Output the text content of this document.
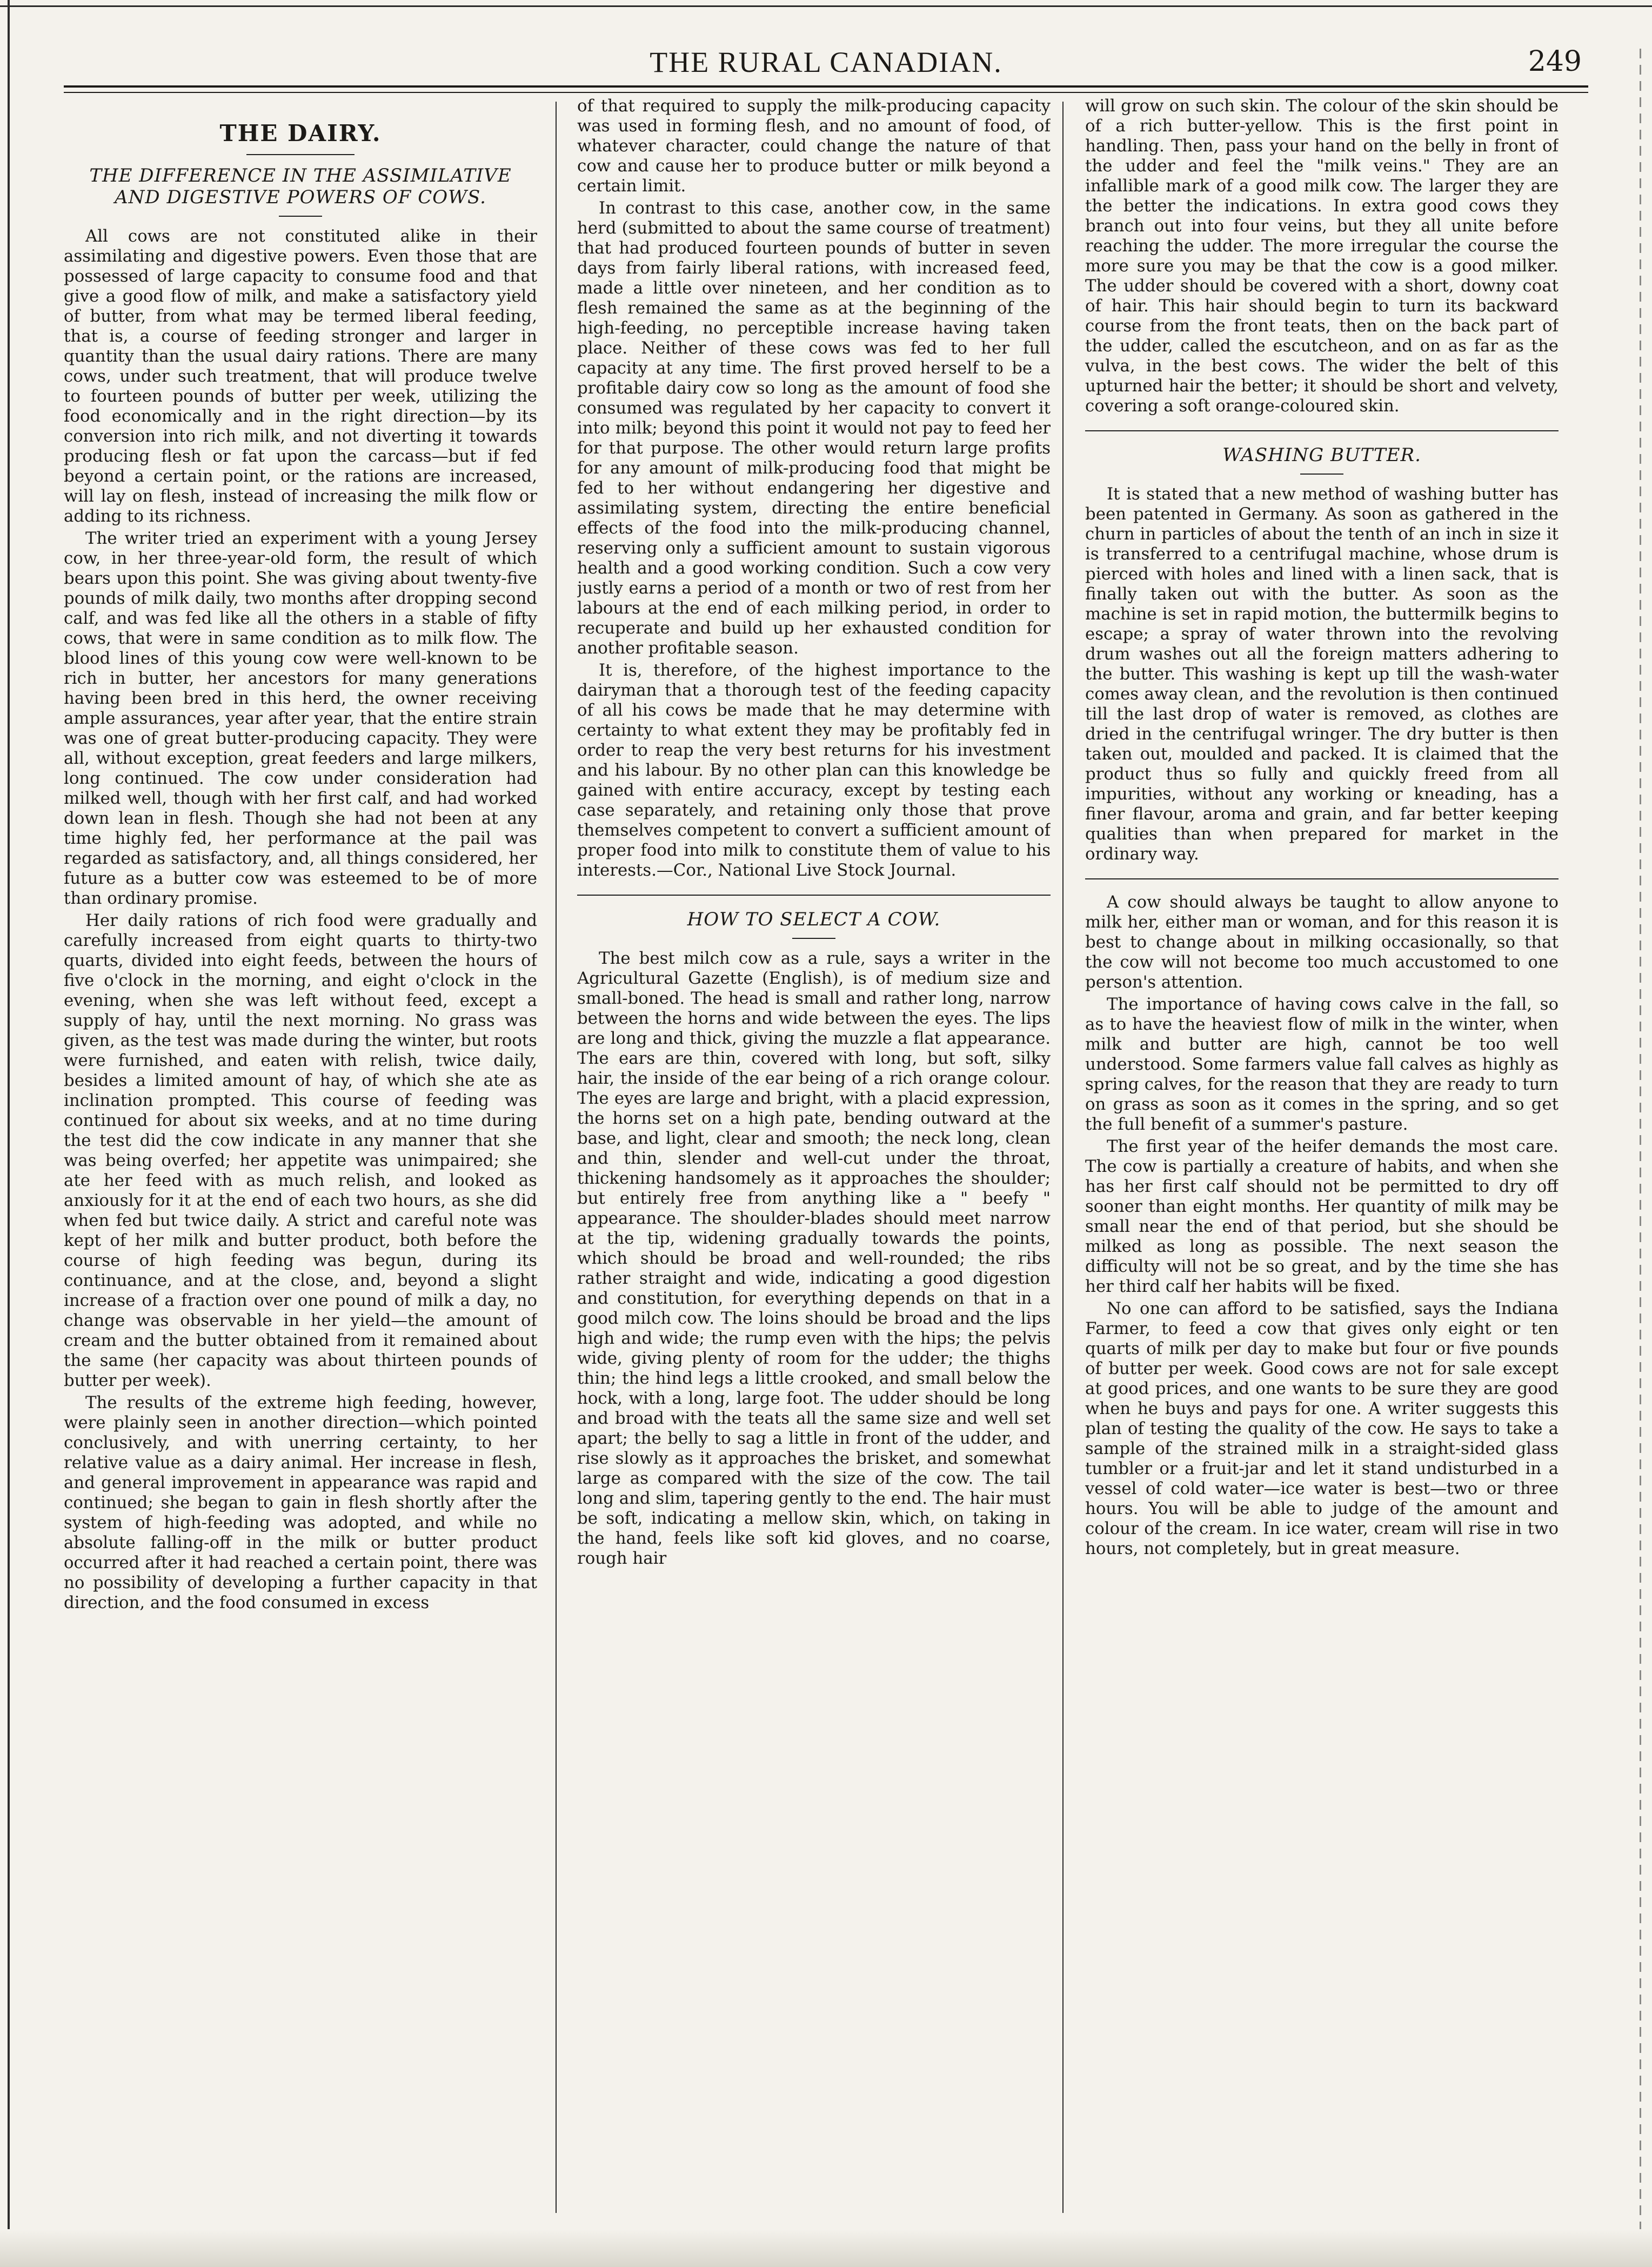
THE RURAL CANADIAN.	249
THE DAIRY.
THE DIFFERENCE IN THE ASSIMILATIVE AND DIGESTIVE POWERS OF COWS.

All cows are not constituted alike in their assimilating and digestive powers. Even those that are possessed of large capacity to consume food and that give a good flow of milk, and make a satisfactory yield of butter, from what may be termed liberal feeding, that is, a course of feeding stronger and larger in quantity than the usual dairy rations. There are many cows, under such treatment, that will produce twelve to fourteen pounds of butter per week, utilizing the food economically and in the right direction—by its conversion into rich milk, and not diverting it towards producing flesh or fat upon the carcass—but if fed beyond a certain point, or the rations are increased, will lay on flesh, instead of increasing the milk flow or adding to its richness.

The writer tried an experiment with a young Jersey cow, in her three-year-old form, the result of which bears upon this point. She was giving about twenty-five pounds of milk daily, two months after dropping second calf, and was fed like all the others in a stable of fifty cows, that were in same condition as to milk flow. The blood lines of this young cow were well-known to be rich in butter, her ancestors for many generations having been bred in this herd, the owner receiving ample assurances, year after year, that the entire strain was one of great butter-producing capacity. They were all, without exception, great feeders and large milkers, long continued. The cow under consideration had milked well, though with her first calf, and had worked down lean in flesh. Though she had not been at any time highly fed, her performance at the pail was regarded as satisfactory, and, all things considered, her future as a butter cow was esteemed to be of more than ordinary promise.

Her daily rations of rich food were gradually and carefully increased from eight quarts to thirty-two quarts, divided into eight feeds, between the hours of five o'clock in the morning, and eight o'clock in the evening, when she was left without feed, except a supply of hay, until the next morning. No grass was given, as the test was made during the winter, but roots were furnished, and eaten with relish, twice daily, besides a limited amount of hay, of which she ate as inclination prompted. This course of feeding was continued for about six weeks, and at no time during the test did the cow indicate in any manner that she was being overfed; her appetite was unimpaired; she ate her feed with as much relish, and looked as anxiously for it at the end of each two hours, as she did when fed but twice daily. A strict and careful note was kept of her milk and butter product, both before the course of high feeding was begun, during its continuance, and at the close, and, beyond a slight increase of a fraction over one pound of milk a day, no change was observable in her yield—the amount of cream and the butter obtained from it remained about the same (her capacity was about thirteen pounds of butter per week).

The results of the extreme high feeding, however, were plainly seen in another direction—which pointed conclusively, and with unerring certainty, to her relative value as a dairy animal. Her increase in flesh, and general improvement in appearance was rapid and continued; she began to gain in flesh shortly after the system of high-feeding was adopted, and while no absolute falling-off in the milk or butter product occurred after it had reached a certain point, there was no possibility of developing a further capacity in that direction, and the food consumed in excess

of that required to supply the milk-producing capacity was used in forming flesh, and no amount of food, of whatever character, could change the nature of that cow and cause her to produce butter or milk beyond a certain limit.

In contrast to this case, another cow, in the same herd (submitted to about the same course of treatment) that had produced fourteen pounds of butter in seven days from fairly liberal rations, with increased feed, made a little over nineteen, and her condition as to flesh remained the same as at the beginning of the high-feeding, no perceptible increase having taken place. Neither of these cows was fed to her full capacity at any time. The first proved herself to be a profitable dairy cow so long as the amount of food she consumed was regulated by her capacity to convert it into milk; beyond this point it would not pay to feed her for that purpose. The other would return large profits for any amount of milk-producing food that might be fed to her without endangering her digestive and assimilating system, directing the entire beneficial effects of the food into the milk-producing channel, reserving only a sufficient amount to sustain vigorous health and a good working condition. Such a cow very justly earns a period of a month or two of rest from her labours at the end of each milking period, in order to recuperate and build up her exhausted condition for another profitable season.

It is, therefore, of the highest importance to the dairyman that a thorough test of the feeding capacity of all his cows be made that he may determine with certainty to what extent they may be profitably fed in order to reap the very best returns for his investment and his labour. By no other plan can this knowledge be gained with entire accuracy, except by testing each case separately, and retaining only those that prove themselves competent to convert a sufficient amount of proper food into milk to constitute them of value to his interests.—Cor., National Live Stock Journal.

HOW TO SELECT A COW.

The best milch cow as a rule, says a writer in the Agricultural Gazette (English), is of medium size and small-boned. The head is small and rather long, narrow between the horns and wide between the eyes. The lips are long and thick, giving the muzzle a flat appearance. The ears are thin, covered with long, but soft, silky hair, the inside of the ear being of a rich orange colour. The eyes are large and bright, with a placid expression, the horns set on a high pate, bending outward at the base, and light, clear and smooth; the neck long, clean and thin, slender and well-cut under the throat, thickening handsomely as it approaches the shoulder; but entirely free from anything like a " beefy " appearance. The shoulder-blades should meet narrow at the tip, widening gradually towards the points, which should be broad and well-rounded; the ribs rather straight and wide, indicating a good digestion and constitution, for everything depends on that in a good milch cow. The loins should be broad and the lips high and wide; the rump even with the hips; the pelvis wide, giving plenty of room for the udder; the thighs thin; the hind legs a little crooked, and small below the hock, with a long, large foot. The udder should be long and broad with the teats all the same size and well set apart; the belly to sag a little in front of the udder, and rise slowly as it approaches the brisket, and somewhat large as compared with the size of the cow. The tail long and slim, tapering gently to the end. The hair must be soft, indicating a mellow skin, which, on taking in the hand, feels like soft kid gloves, and no coarse, rough hair

will grow on such skin. The colour of the skin should be of a rich butter-yellow. This is the first point in handling. Then, pass your hand on the belly in front of the udder and feel the "milk veins." They are an infallible mark of a good milk cow. The larger they are the better the indications. In extra good cows they branch out into four veins, but they all unite before reaching the udder. The more irregular the course the more sure you may be that the cow is a good milker. The udder should be covered with a short, downy coat of hair. This hair should begin to turn its backward course from the front teats, then on the back part of the udder, called the escutcheon, and on as far as the vulva, in the best cows. The wider the belt of this upturned hair the better; it should be short and velvety, covering a soft orange-coloured skin.

WASHING BUTTER.

It is stated that a new method of washing butter has been patented in Germany. As soon as gathered in the churn in particles of about the tenth of an inch in size it is transferred to a centrifugal machine, whose drum is pierced with holes and lined with a linen sack, that is finally taken out with the butter. As soon as the machine is set in rapid motion, the buttermilk begins to escape; a spray of water thrown into the revolving drum washes out all the foreign matters adhering to the butter. This washing is kept up till the wash-water comes away clean, and the revolution is then continued till the last drop of water is removed, as clothes are dried in the centrifugal wringer. The dry butter is then taken out, moulded and packed. It is claimed that the product thus so fully and quickly freed from all impurities, without any working or kneading, has a finer flavour, aroma and grain, and far better keeping qualities than when prepared for market in the ordinary way.

A cow should always be taught to allow anyone to milk her, either man or woman, and for this reason it is best to change about in milking occasionally, so that the cow will not become too much accustomed to one person's attention.

The importance of having cows calve in the fall, so as to have the heaviest flow of milk in the winter, when milk and butter are high, cannot be too well understood. Some farmers value fall calves as highly as spring calves, for the reason that they are ready to turn on grass as soon as it comes in the spring, and so get the full benefit of a summer's pasture.

The first year of the heifer demands the most care. The cow is partially a creature of habits, and when she has her first calf should not be permitted to dry off sooner than eight months. Her quantity of milk may be small near the end of that period, but she should be milked as long as possible. The next season the difficulty will not be so great, and by the time she has her third calf her habits will be fixed.

No one can afford to be satisfied, says the Indiana Farmer, to feed a cow that gives only eight or ten quarts of milk per day to make but four or five pounds of butter per week. Good cows are not for sale except at good prices, and one wants to be sure they are good when he buys and pays for one. A writer suggests this plan of testing the quality of the cow. He says to take a sample of the strained milk in a straight-sided glass tumbler or a fruit-jar and let it stand undisturbed in a vessel of cold water—ice water is best—two or three hours. You will be able to judge of the amount and colour of the cream. In ice water, cream will rise in two hours, not completely, but in great measure.
